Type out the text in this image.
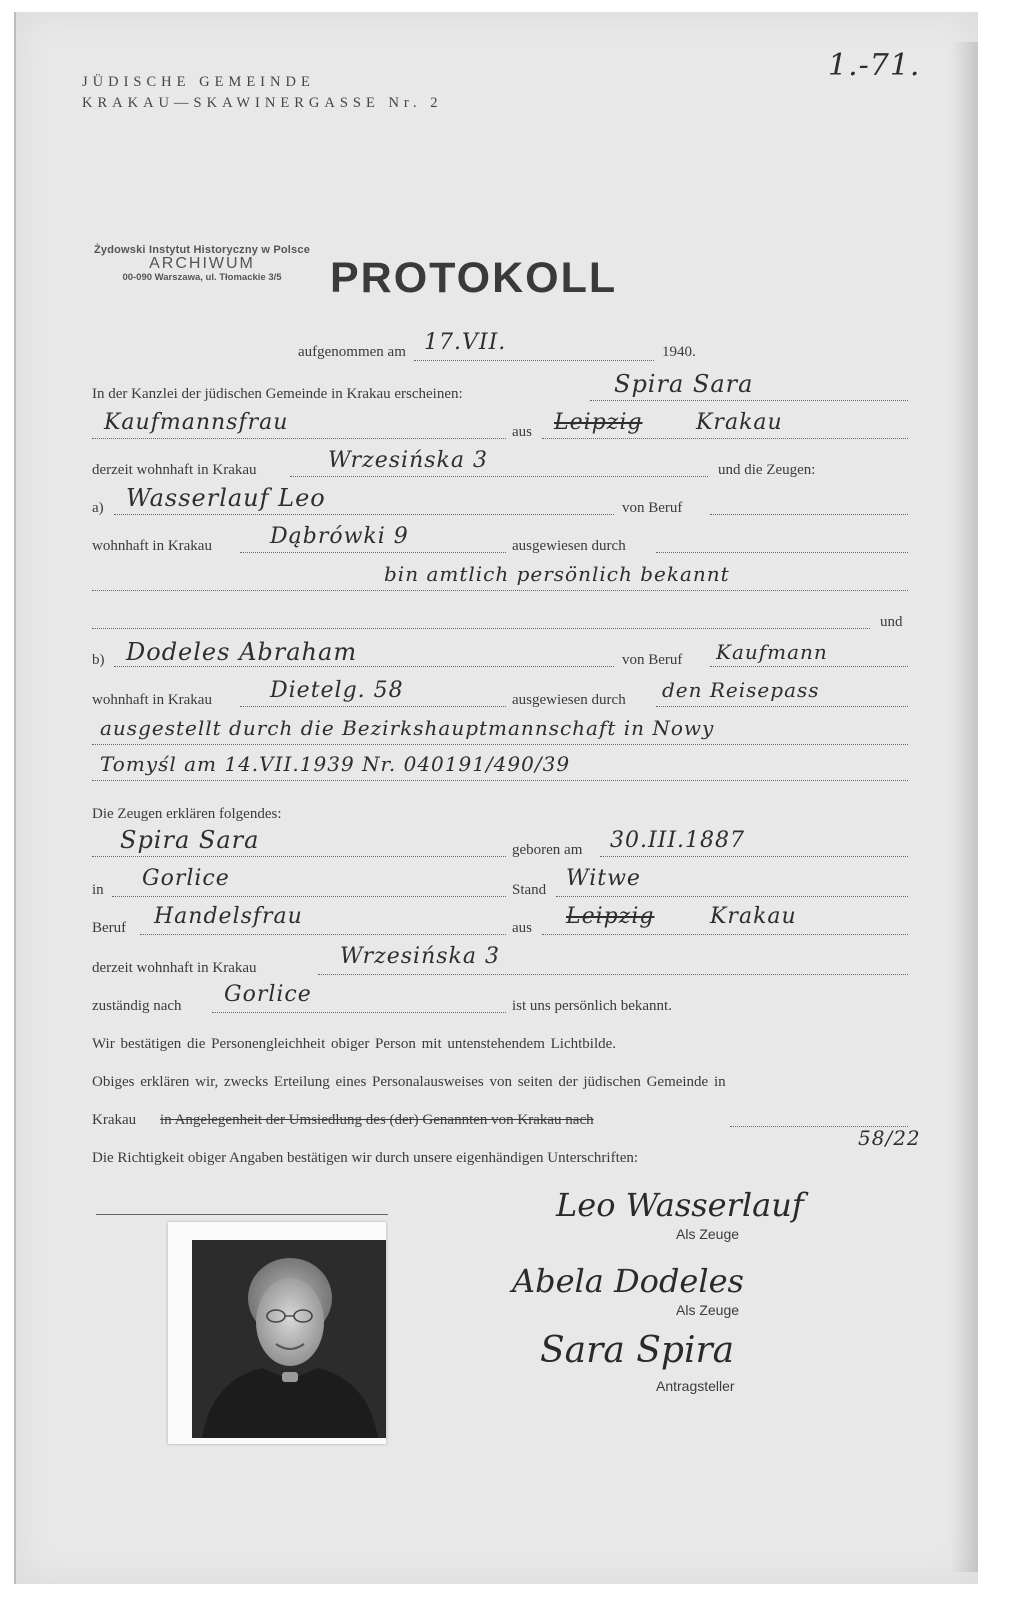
JÜDISCHE GEMEINDE
KRAKAU—SKAWINERGASSE Nr. 2
1.-71.
Żydowski Instytut Historyczny w Polsce
ARCHIWUM
00-090 Warszawa, ul. Tłomackie 3/5	PROTOKOLL
aufgenommen am 17.VII.	1940.
In der Kanzlei der jüdischen Gemeinde in Krakau erscheinen:	Spira Sara
Kaufmannsfrau	aus Leipzig Krakau
derzeit wohnhaft in Krakau	Wrzesińska 3	und die Zeugen:
a) Wasserlauf Leo	von Beruf
wohnhaft in Krakau	Dąbrówki 9	ausgewiesen durch
bin amtlich persönlich bekannt
und
b) Dodeles Abraham	von Beruf Kaufmann
wohnhaft in Krakau	Dietelg. 58	ausgewiesen durch den Reisepass
ausgestellt durch die Bezirkshauptmannschaft in Nowy
Tomyśl am 14.VII.1939 Nr. 040191/490/39
Die Zeugen erklären folgendes:
Spira Sara	geboren am 30.III.1887
in Gorlice	Stand Witwe
Beruf Handelsfrau	aus Leipzig	Krakau
derzeit wohnhaft in Krakau	Wrzesińska 3
zuständig nach Gorlice	ist uns persönlich bekannt.
Wir bestätigen die Personengleichheit obiger Person mit untenstehendem Lichtbilde.
Obiges erklären wir, zwecks Erteilung eines Personalausweises von seiten der jüdischen Gemeinde in
Krakau in Angelegenheit der Umsiedlung des (der) Genannten von Krakau nach
58/22
Die Richtigkeit obiger Angaben bestätigen wir durch unsere eigenhändigen Unterschriften:
Leo Wasserlauf
Als Zeuge
Abela Dodeles
Als Zeuge
Sara Spira
Antragsteller
